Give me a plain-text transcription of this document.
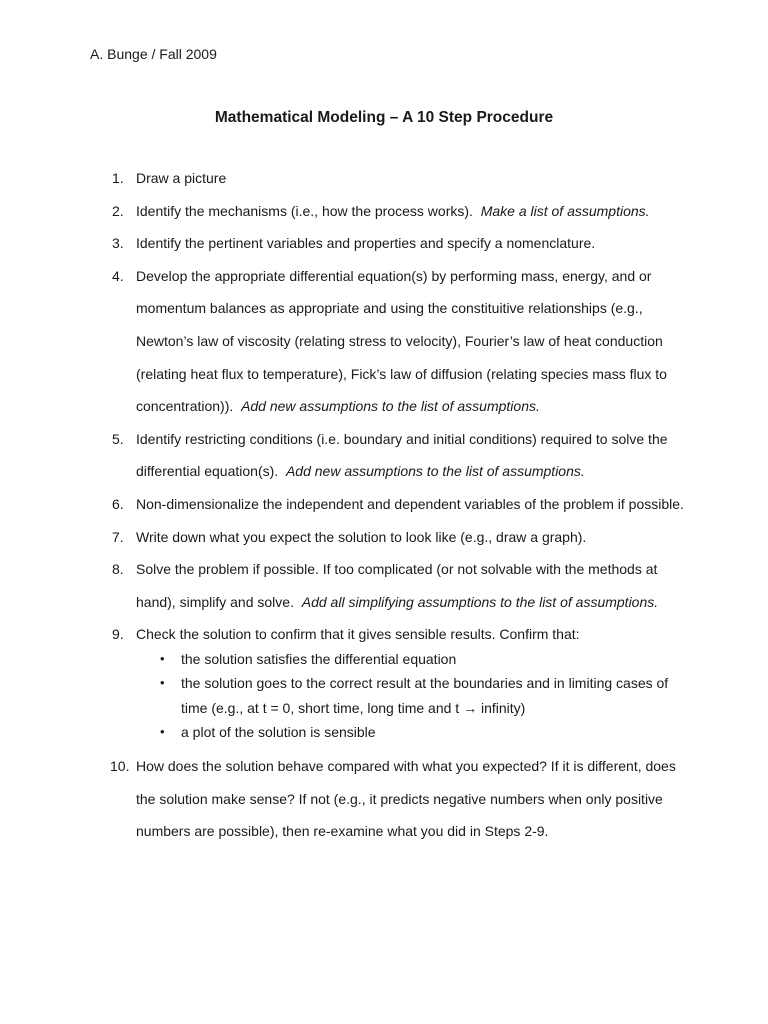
A. Bunge / Fall 2009
Mathematical Modeling – A 10 Step Procedure
1. Draw a picture
2. Identify the mechanisms (i.e., how the process works). Make a list of assumptions.
3. Identify the pertinent variables and properties and specify a nomenclature.
4. Develop the appropriate differential equation(s) by performing mass, energy, and or
momentum balances as appropriate and using the constituitive relationships (e.g.,
Newton’s law of viscosity (relating stress to velocity), Fourier’s law of heat conduction
(relating heat flux to temperature), Fick’s law of diffusion (relating species mass flux to
concentration)). Add new assumptions to the list of assumptions.
5. Identify restricting conditions (i.e. boundary and initial conditions) required to solve the
differential equation(s). Add new assumptions to the list of assumptions.
6. Non-dimensionalize the independent and dependent variables of the problem if possible.
7. Write down what you expect the solution to look like (e.g., draw a graph).
8. Solve the problem if possible. If too complicated (or not solvable with the methods at
hand), simplify and solve. Add all simplifying assumptions to the list of assumptions.
9. Check the solution to confirm that it gives sensible results. Confirm that:
• the solution satisfies the differential equation
• the solution goes to the correct result at the boundaries and in limiting cases of
time (e.g., at t = 0, short time, long time and t → infinity)
• a plot of the solution is sensible
10. How does the solution behave compared with what you expected? If it is different, does
the solution make sense? If not (e.g., it predicts negative numbers when only positive
numbers are possible), then re-examine what you did in Steps 2-9.
